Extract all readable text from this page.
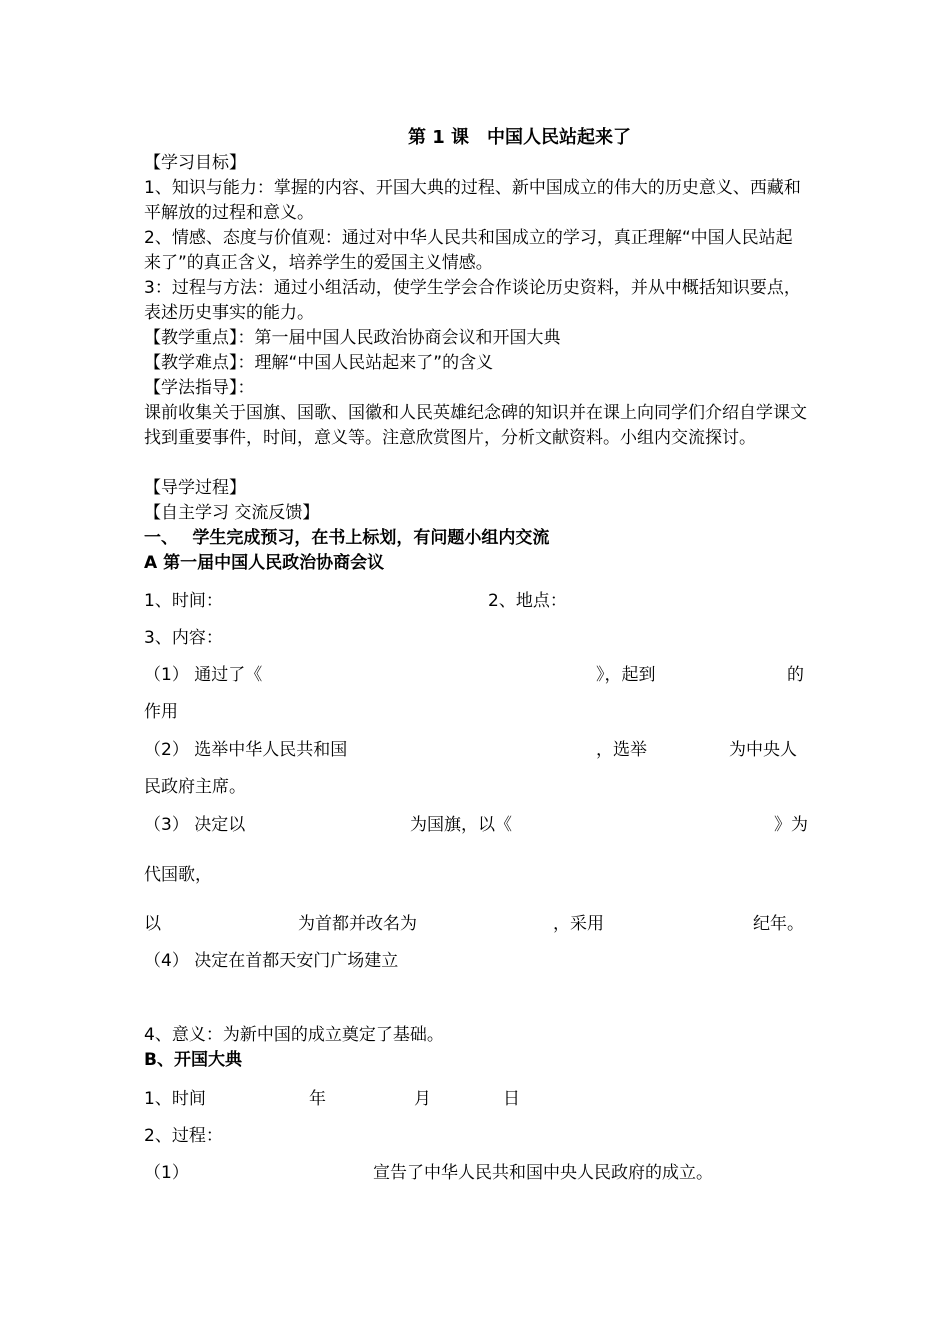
第 1 课　中国人民站起来了
【学习目标】
1、知识与能力：掌握的内容、开国大典的过程、新中国成立的伟大的历史意义、西藏和平解放的过程和意义。
2、情感、态度与价值观：通过对中华人民共和国成立的学习，真正理解“中国人民站起来了”的真正含义，培养学生的爱国主义情感。
3：过程与方法：通过小组活动，使学生学会合作谈论历史资料，并从中概括知识要点，表述历史事实的能力。
【教学重点】：第一届中国人民政治协商会议和开国大典
【教学难点】：理解“中国人民站起来了”的含义
【学法指导】：
课前收集关于国旗、国歌、国徽和人民英雄纪念碑的知识并在课上向同学们介绍自学课文找到重要事件，时间，意义等。注意欣赏图片，分析文献资料。小组内交流探讨。
【导学过程】
【自主学习 交流反馈】
一、　 学生完成预习，在书上标划，有问题小组内交流
A 第一届中国人民政治协商会议
1、时间：	2、地点：
3、内容：
（1） 通过了《	》，起到	的
作用
（2） 选举中华人民共和国	，选举	为中央人
民政府主席。
（3） 决定以	为国旗，以《	》为
代国歌，
以	为首都并改名为	，采用	纪年。
（4） 决定在首都天安门广场建立
4、意义：为新中国的成立奠定了基础。
B、开国大典
1、时间	年	月	日
2、过程：
（1）	宣告了中华人民共和国中央人民政府的成立。
